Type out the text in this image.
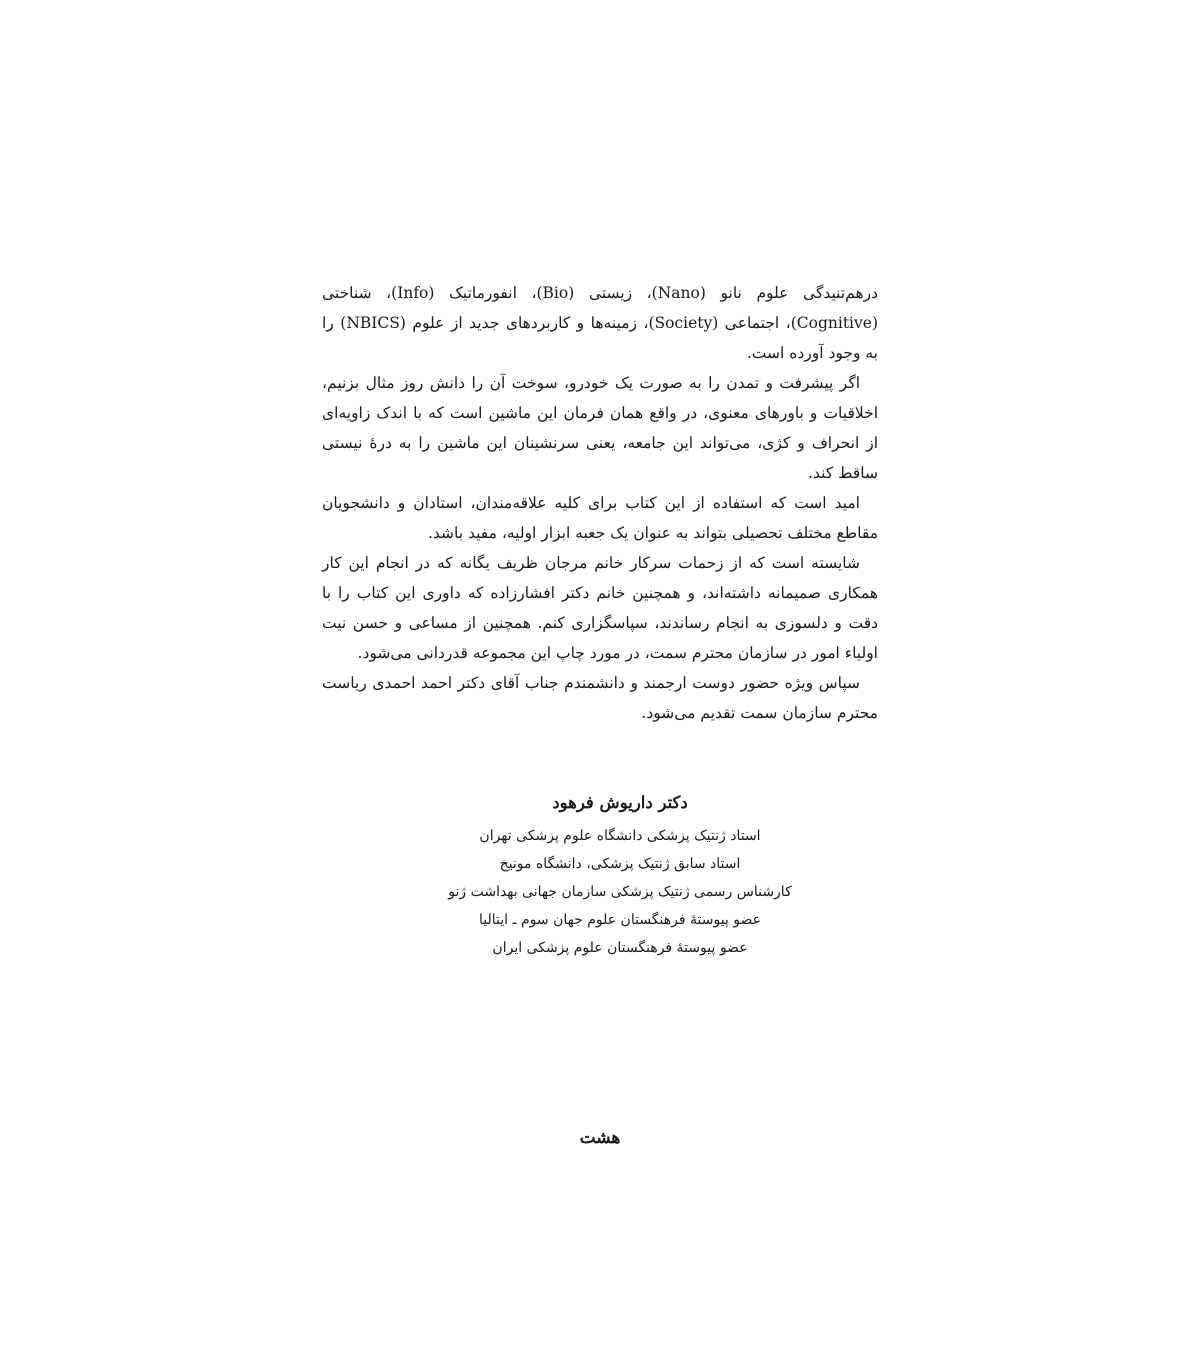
درهم‌تنیدگی علوم نانو (Nano)، زیستی (Bio)، انفورماتیک (Info)، شناختی (Cognitive)، اجتماعی (Society)، زمینه‌ها و کاربردهای جدید از علوم (NBICS) را به وجود آورده است.

اگر پیشرفت و تمدن را به صورت یک خودرو، سوخت آن را دانش روز مثال بزنیم، اخلاقیات و باورهای معنوی، در واقع همان فرمان این ماشین است که با اندک زاویه‌ای از انحراف و کژی، می‌تواند این جامعه، یعنی سرنشینان این ماشین را به درهٔ نیستی ساقط کند.

امید است که استفاده از این کتاب برای کلیه علاقه‌مندان، استادان و دانشجویان مقاطع مختلف تحصیلی بتواند به عنوان یک جعبه ابزار اولیه، مفید باشد.

شایسته است که از زحمات سرکار خانم مرجان ظریف یگانه که در انجام این کار همکاری صمیمانه داشته‌اند، و همچنین خانم دکتر افشارزاده که داوری این کتاب را با دقت و دلسوزی به انجام رساندند، سپاسگزاری کنم. همچنین از مساعی و حسن نیت اولیاء امور در سازمان محترم سمت، در مورد چاپ این مجموعه قدردانی می‌شود.

سپاس ویژه حضور دوست ارجمند و دانشمندم جناب آقای دکتر احمد احمدی ریاست محترم سازمان سمت تقدیم می‌شود.

دکتر داریوش فرهود
استاد ژنتیک پزشکی دانشگاه علوم پزشکی تهران
استاد سابق ژنتیک پزشکی، دانشگاه مونیخ
کارشناس رسمی ژنتیک پزشکی سازمان جهانی بهداشت ژنو
عضو پیوستهٔ فرهنگستان علوم جهان سوم ـ ایتالیا
عضو پیوستهٔ فرهنگستان علوم پزشکی ایران
هشت
